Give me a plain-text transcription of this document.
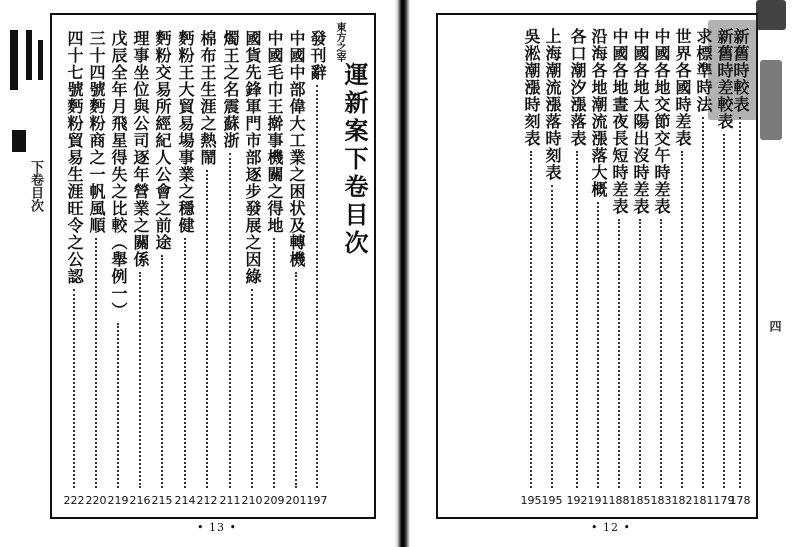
下卷目次
東方之宰
運新案下卷目次
發刊辭
197
中國中部偉大工業之困状及轉機
201
中國毛巾王擀事機關之得地
209
國貨先鋒軍門市部逐步發展之因綠
210
燭王之名震蘇浙
211
棉布王生涯之熱鬧
212
麪粉王大貿易場事業之穩健
214
麪粉交易所經紀人公會之前途
215
理事坐位與公司逐年營業之關係
216
戊辰全年月飛星得失之比較（舉例一）
219
三十四號麪粉商之一帆風順
220
四十七號麪粉貿易生涯旺令之公認
222
• 13 •
新舊時較表
178
新舊時差較表
179
求標準時法
181
世界各國時差表
182
中國各地交節交午時差表
183
中國各地太陽出沒時差表
185
中國各地晝夜長短時差表
188
沿海各地潮流漲落大概
191
各口潮汐漲落表
192
上海潮流漲落時刻表
195
吳淞潮漲時刻表
195
• 12 •
四
